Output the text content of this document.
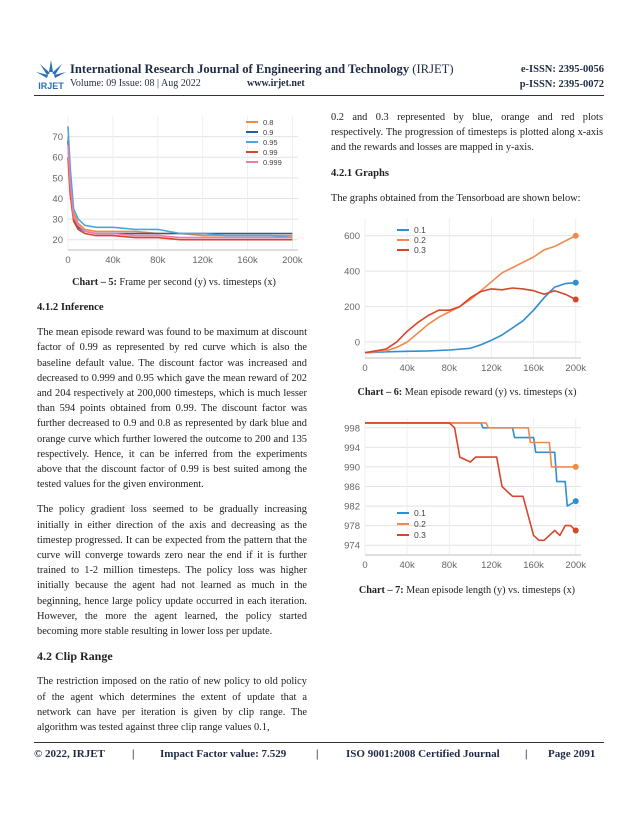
IRJET
International Research Journal of Engineering and Technology (IRJET)
Volume: 09 Issue: 08 | Aug 2022	www.irjet.net
e-ISSN: 2395-0056
p-ISSN: 2395-0072
20
30
40
50
60
70
0	40k	80k	120k	160k	200k
0.8
0.9
0.95
0.99
0.999
Chart – 5: Frame per second (y) vs. timesteps (x)
4.1.2 Inference

The mean episode reward was found to be maximum at discount factor of 0.99 as represented by red curve which is also the baseline default value. The discount factor was increased and decreased to 0.999 and 0.95 which gave the mean reward of 202 and 204 respectively at 200,000 timesteps, which is much lesser than 594 points obtained from 0.99. The discount factor was further decreased to 0.9 and 0.8 as represented by dark blue and orange curve which further lowered the outcome to 200 and 135 respectively. Hence, it can be inferred from the experiments above that the discount factor of 0.99 is best suited among the tested values for the given environment.

The policy gradient loss seemed to be gradually increasing initially in either direction of the axis and decreasing as the timestep progressed. It can be expected from the pattern that the curve will converge towards zero near the end if it is further trained to 1-2 million timesteps. The policy loss was higher initially because the agent had not learned as much in the beginning, hence large policy update occurred in each iteration. However, the more the agent learned, the policy started becoming more stable resulting in lower loss per update.

4.2 Clip Range

The restriction imposed on the ratio of new policy to old policy of the agent which determines the extent of update that a network can have per iteration is given by clip range. The algorithm was tested against three clip range values 0.1,

0.2 and 0.3 represented by blue, orange and red plots respectively. The progression of timesteps is plotted along x-axis and the rewards and losses are mapped in y-axis.

4.2.1 Graphs

The graphs obtained from the Tensorboad are shown below:

0
200
400
600
0	40k	80k	120k 160k 200k
0.1
0.2
0.3
Chart – 6: Mean episode reward (y) vs. timesteps (x)
974
978
982
986
990
994
998
0	40k	80k	120k 160k 200k
0.1
0.2
0.3
Chart – 7: Mean episode length (y) vs. timesteps (x)
© 2022, IRJET | Impact Factor value: 7.529	|	ISO 9001:2008 Certified Journal | Page 2091
